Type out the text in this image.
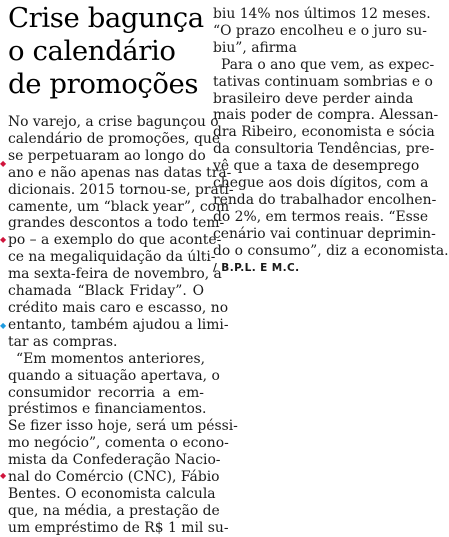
Crise bagunça
o calendário
de promoções
No varejo, a crise bagunçou o
calendário de promoções, que
se perpetuaram ao longo do
ano e não apenas nas datas tra-
dicionais. 2015 tornou-se, prati-
camente, um “black year”, com
grandes descontos a todo tem-
po – a exemplo do que aconte-
ce na megaliquidação da últi-
ma sexta-feira de novembro, a
chamada “Black Friday”. O
crédito mais caro e escasso, no
entanto, também ajudou a limi-
tar as compras.
“Em momentos anteriores,
quando a situação apertava, o
consumidor recorria a em-
préstimos e financiamentos.
Se fizer isso hoje, será um péssi-
mo negócio”, comenta o econo-
mista da Confederação Nacio-
nal do Comércio (CNC), Fábio
Bentes. O economista calcula
que, na média, a prestação de
um empréstimo de R$ 1 mil su-
biu 14% nos últimos 12 meses.
“O prazo encolheu e o juro su-
biu”, afirma
Para o ano que vem, as expec-
tativas continuam sombrias e o
brasileiro deve perder ainda
mais poder de compra. Alessan-
dra Ribeiro, economista e sócia
da consultoria Tendências, pre-
vê que a taxa de desemprego
chegue aos dois dígitos, com a
renda do trabalhador encolhen-
do 2%, em termos reais. “Esse
cenário vai continuar deprimin-
do o consumo”, diz a economista.
/ B.P.L. E M.C.
◆
◆
◆
◆
